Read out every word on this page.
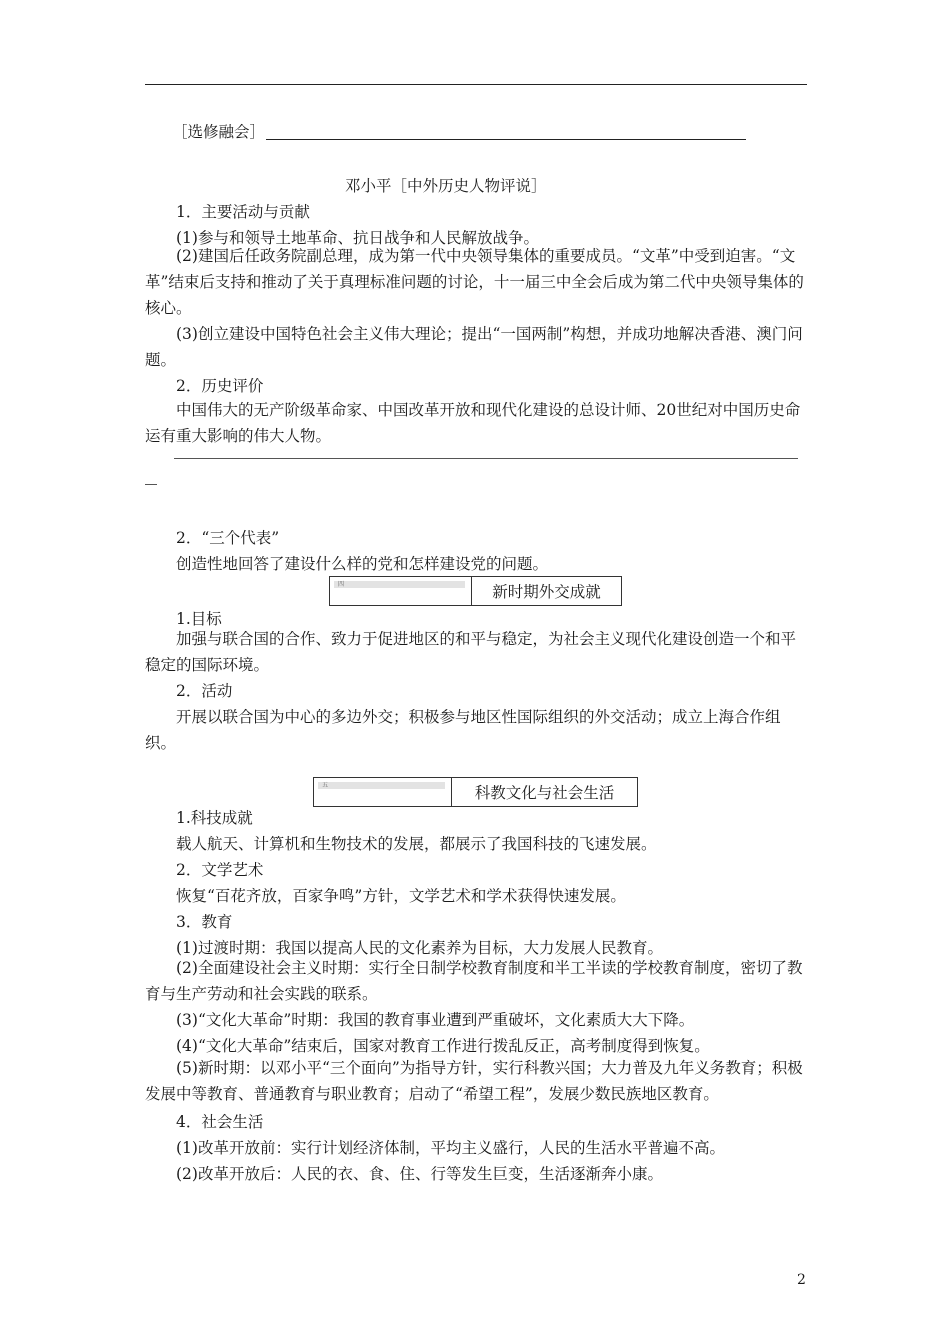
［选修融会］
邓小平［中外历史人物评说］
1．主要活动与贡献
(1)参与和领导土地革命、抗日战争和人民解放战争。
(2)建国后任政务院副总理，成为第一代中央领导集体的重要成员。“文革”中受到迫害。“文革”结束后支持和推动了关于真理标准问题的讨论，十一届三中全会后成为第二代中央领导集体的核心。
(3)创立建设中国特色社会主义伟大理论；提出“一国两制”构想，并成功地解决香港、澳门问题。
2．历史评价
中国伟大的无产阶级革命家、中国改革开放和现代化建设的总设计师、20世纪对中国历史命运有重大影响的伟大人物。
2．“三个代表”
创造性地回答了建设什么样的党和怎样建设党的问题。
四	新时期外交成就
1.目标
加强与联合国的合作、致力于促进地区的和平与稳定，为社会主义现代化建设创造一个和平稳定的国际环境。
2．活动
开展以联合国为中心的多边外交；积极参与地区性国际组织的外交活动；成立上海合作组织。
五	科教文化与社会生活
1.科技成就
载人航天、计算机和生物技术的发展，都展示了我国科技的飞速发展。
2．文学艺术
恢复“百花齐放，百家争鸣”方针，文学艺术和学术获得快速发展。
3．教育
(1)过渡时期：我国以提高人民的文化素养为目标，大力发展人民教育。
(2)全面建设社会主义时期：实行全日制学校教育制度和半工半读的学校教育制度，密切了教育与生产劳动和社会实践的联系。
(3)“文化大革命”时期：我国的教育事业遭到严重破坏，文化素质大大下降。
(4)“文化大革命”结束后，国家对教育工作进行拨乱反正，高考制度得到恢复。
(5)新时期：以邓小平“三个面向”为指导方针，实行科教兴国；大力普及九年义务教育；积极发展中等教育、普通教育与职业教育；启动了“希望工程”，发展少数民族地区教育。
4．社会生活
(1)改革开放前：实行计划经济体制，平均主义盛行，人民的生活水平普遍不高。
(2)改革开放后：人民的衣、食、住、行等发生巨变，生活逐渐奔小康。
2
